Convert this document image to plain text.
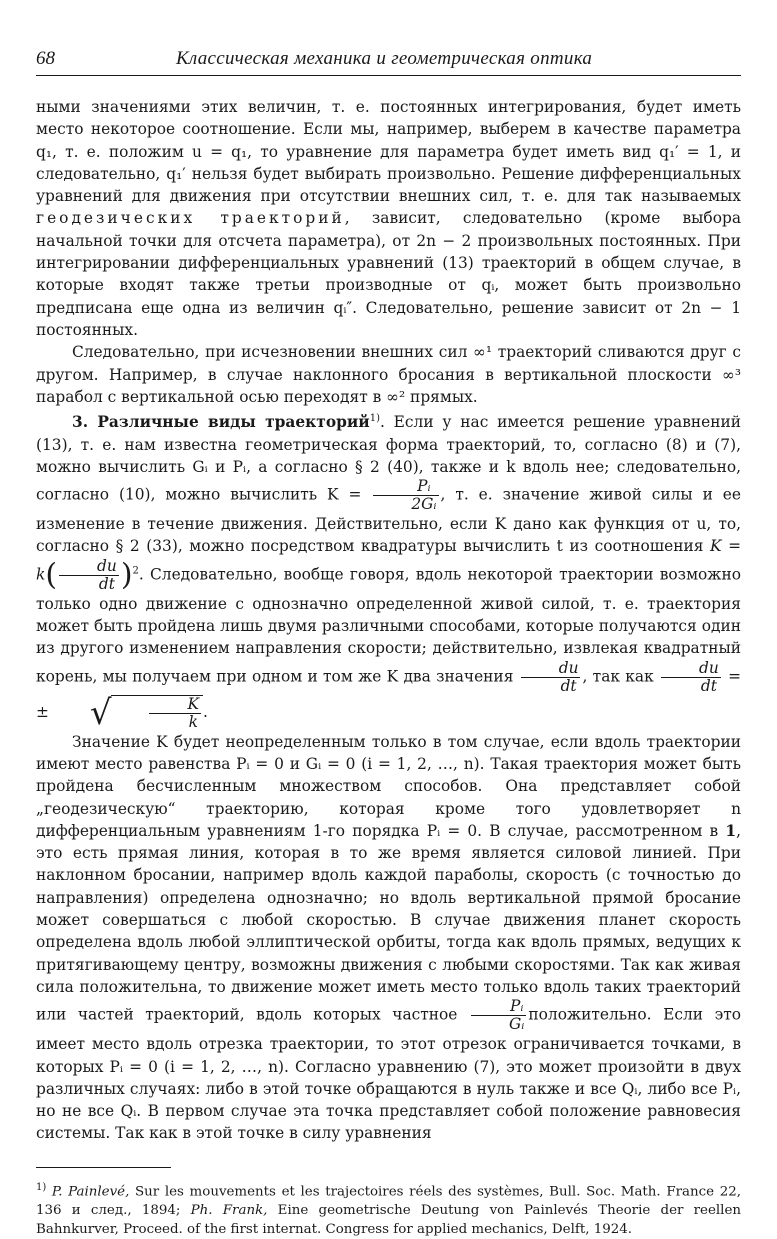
68	Классическая механика и геометрическая оптика

ными значениями этих величин, т. е. постоянных интегрирования, будет иметь место некоторое соотношение. Если мы, например, выберем в качестве параметра q₁, т. е. положим u = q₁, то уравнение для параметра будет иметь вид q₁′ = 1, и следовательно, q₁′ нельзя будет выбирать произвольно. Решение дифференциальных уравнений для движения при отсутствии внешних сил, т. е. для так называемых геодезических траекторий, зависит, следовательно (кроме выбора начальной точки для отсчета параметра), от 2n − 2 произвольных постоянных. При интегрировании дифференциальных уравнений (13) траекторий в общем случае, в которые входят также третьи производные от qᵢ, может быть произвольно предписана еще одна из величин qᵢ″. Следовательно, решение зависит от 2n − 1 постоянных.

Следовательно, при исчезновении внешних сил ∞¹ траекторий сливаются друг с другом. Например, в случае наклонного бросания в вертикальной плоскости ∞³ парабол с вертикальной осью переходят в ∞² прямых.

3. Различные виды траекторий$^{1)}$. Если у нас имеется решение уравнений (13), т. е. нам известна геометрическая форма траекторий, то, согласно (8) и (7), можно вычислить Gᵢ и Pᵢ, а согласно § 2 (40), также и k вдоль нее; следовательно, согласно (10), можно вычислить $K = \frac{\text{Pᵢ}}{\text{2Gᵢ}}$ , т. е. значение живой силы и ее изменение в течение движения. Действительно, если K дано как функция от u, то, согласно § 2 (33), можно посредством квадратуры вычислить t из соотношения $K = k( \frac{du}{dt} )^2$. Следовательно, вообще говоря, вдоль некоторой траектории возможно только одно движение с однозначно определенной живой силой, т. е. траектория может быть пройдена лишь двумя различными способами, которые получаются один из другого изменением направления скорости; действительно, извлекая квадратный корень, мы получаем при одном и том же K два значения $\frac{du}{dt}$ , так как $\frac{du}{dt}$ = ± √ $\frac{K}{k}$ .

Значение K будет неопределенным только в том случае, если вдоль траектории имеют место равенства Pᵢ = 0 и Gᵢ = 0 (i = 1, 2, …, n). Такая траектория может быть пройдена бесчисленным множеством способов. Она представляет собой „геодезическую“ траекторию, которая кроме того удовлетворяет n дифференциальным уравнениям 1-го порядка Pᵢ = 0. В случае, рассмотренном в 1, это есть прямая линия, которая в то же время является силовой линией. При наклонном бросании, например вдоль каждой параболы, скорость (с точностью до направления) определена однозначно; но вдоль вертикальной прямой бросание может совершаться с любой скоростью. В случае движения планет скорость определена вдоль любой эллиптической орбиты, тогда как вдоль прямых, ведущих к притягивающему центру, возможны движения с любыми скоростями. Так как живая сила положительна, то движение может иметь место только вдоль таких траекторий или частей траекторий, вдоль которых частное $\frac{\text{Pᵢ}}{\text{Gᵢ}}$ положительно. Если это имеет место вдоль отрезка траектории, то этот отрезок ограничивается точками, в которых Pᵢ = 0 (i = 1, 2, …, n). Согласно уравнению (7), это может произойти в двух различных случаях: либо в этой точке обращаются в нуль также и все Qᵢ, либо все Pᵢ, но не все Qᵢ. В первом случае эта точка представляет собой положение равновесия системы. Так как в этой точке в силу уравнения

$^{1)}$ P. Painlevé, Sur les mouvements et les trajectoires réels des systèmes, Bull. Soc. Math. France 22, 136 и след., 1894; Ph. Frank, Eine geometrische Deutung von Painlevés Theorie der reellen Bahnkurver, Proceed. of the first internat. Congress for applied mechanics, Delft, 1924.
